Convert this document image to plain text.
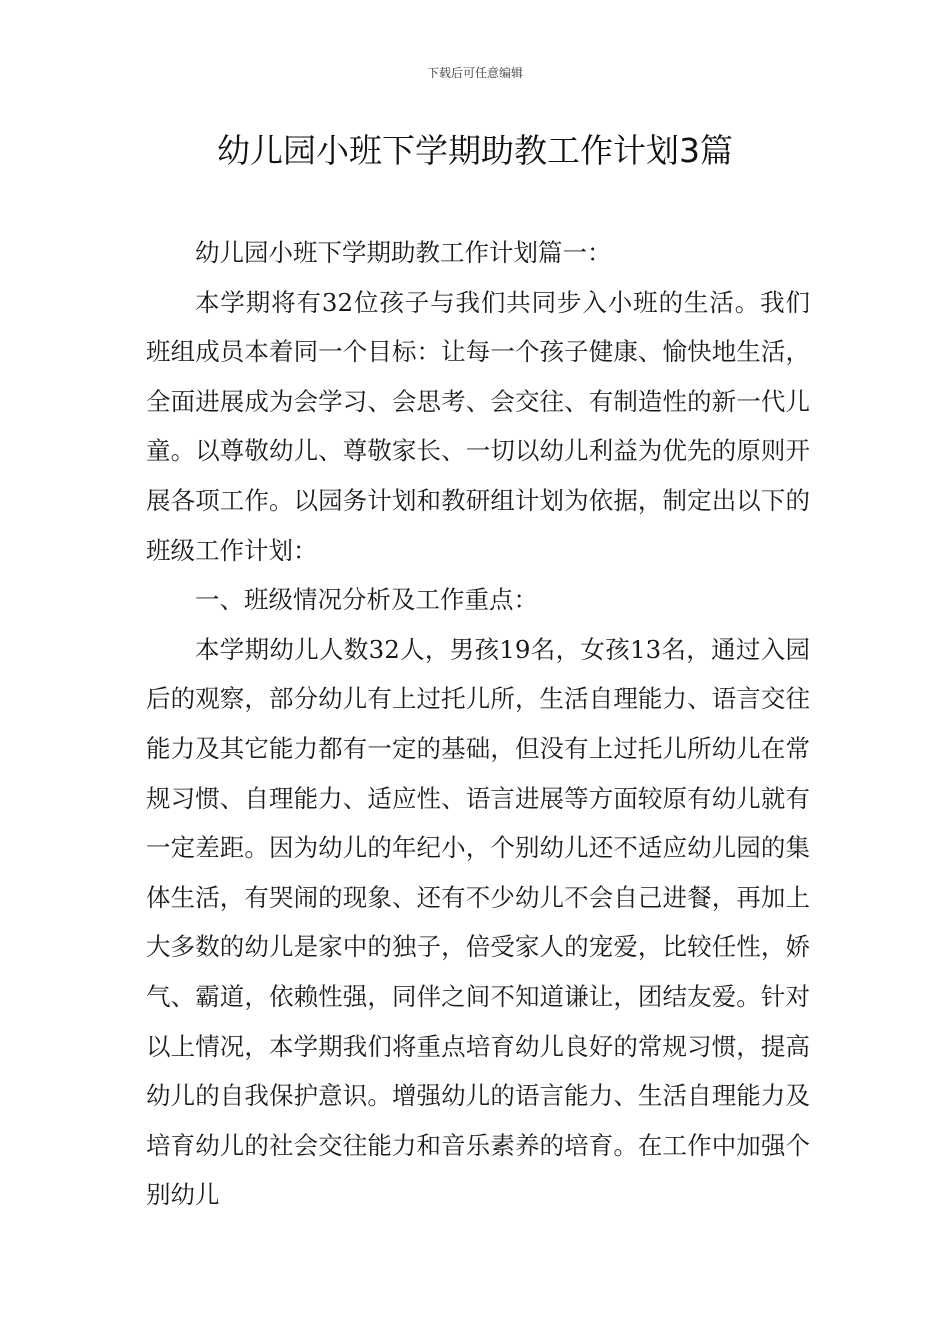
下载后可任意编辑
幼儿园小班下学期助教工作计划3篇

幼儿园小班下学期助教工作计划篇一：

本学期将有32位孩子与我们共同步入小班的生活。我们班组成员本着同一个目标：让每一个孩子健康、愉快地生活，全面进展成为会学习、会思考、会交往、有制造性的新一代儿童。以尊敬幼儿、尊敬家长、一切以幼儿利益为优先的原则开展各项工作。以园务计划和教研组计划为依据，制定出以下的班级工作计划：

一、班级情况分析及工作重点：

本学期幼儿人数32人，男孩19名，女孩13名，通过入园后的观察，部分幼儿有上过托儿所，生活自理能力、语言交往能力及其它能力都有一定的基础，但没有上过托儿所幼儿在常规习惯、自理能力、适应性、语言进展等方面较原有幼儿就有一定差距。因为幼儿的年纪小，个别幼儿还不适应幼儿园的集体生活，有哭闹的现象、还有不少幼儿不会自己进餐，再加上大多数的幼儿是家中的独子，倍受家人的宠爱，比较任性，娇气、霸道，依赖性强，同伴之间不知道谦让，团结友爱。针对以上情况，本学期我们将重点培育幼儿良好的常规习惯，提高幼儿的自我保护意识。增强幼儿的语言能力、生活自理能力及培育幼儿的社会交往能力和音乐素养的培育。在工作中加强个别幼儿
